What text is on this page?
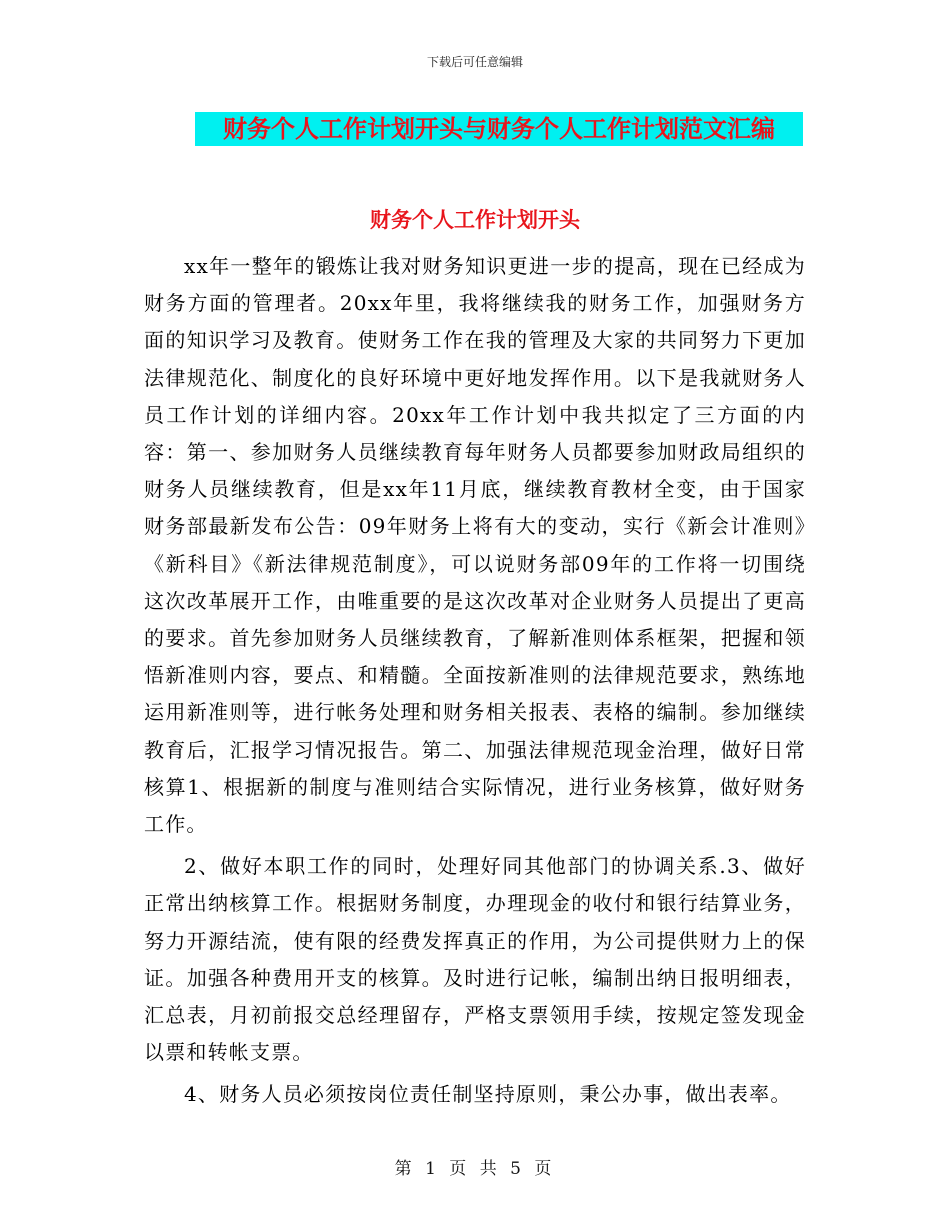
下载后可任意编辑
财务个人工作计划开头与财务个人工作计划范文汇编
财务个人工作计划开头

xx年一整年的锻炼让我对财务知识更进一步的提高，现在已经成为财务方面的管理者。20xx年里，我将继续我的财务工作，加强财务方面的知识学习及教育。使财务工作在我的管理及大家的共同努力下更加法律规范化、制度化的良好环境中更好地发挥作用。以下是我就财务人员工作计划的详细内容。20xx年工作计划中我共拟定了三方面的内容：第一、参加财务人员继续教育每年财务人员都要参加财政局组织的财务人员继续教育，但是xx年11月底，继续教育教材全变，由于国家财务部最新发布公告：09年财务上将有大的变动，实行《新会计准则》《新科目》《新法律规范制度》，可以说财务部09年的工作将一切围绕这次改革展开工作，由唯重要的是这次改革对企业财务人员提出了更高的要求。首先参加财务人员继续教育，了解新准则体系框架，把握和领悟新准则内容，要点、和精髓。全面按新准则的法律规范要求，熟练地运用新准则等，进行帐务处理和财务相关报表、表格的编制。参加继续教育后，汇报学习情况报告。第二、加强法律规范现金治理，做好日常核算1、根据新的制度与准则结合实际情况，进行业务核算，做好财务工作。

2、做好本职工作的同时，处理好同其他部门的协调关系.3、做好正常出纳核算工作。根据财务制度，办理现金的收付和银行结算业务，努力开源结流，使有限的经费发挥真正的作用，为公司提供财力上的保证。加强各种费用开支的核算。及时进行记帐，编制出纳日报明细表，汇总表，月初前报交总经理留存，严格支票领用手续，按规定签发现金以票和转帐支票。

4、财务人员必须按岗位责任制坚持原则，秉公办事，做出表率。

第 1 页 共 5 页
